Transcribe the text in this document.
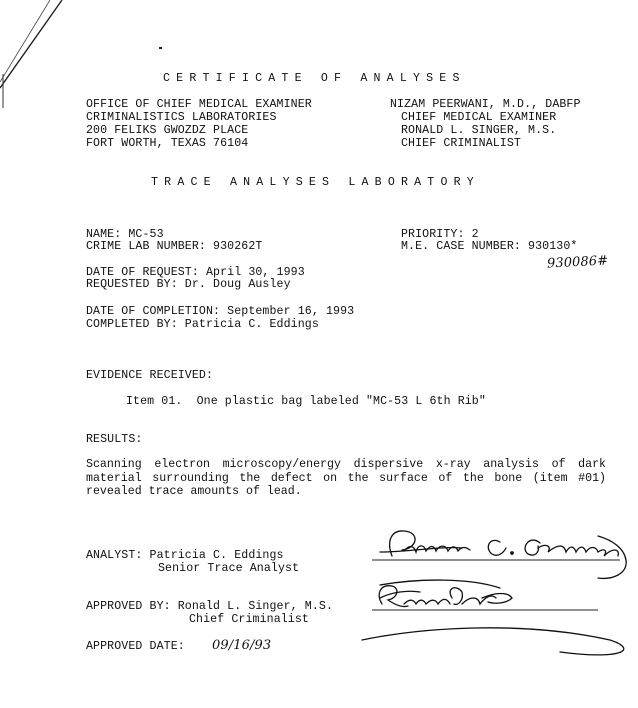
CERTIFICATE OF ANALYSES
OFFICE OF CHIEF MEDICAL EXAMINER
CRIMINALISTICS LABORATORIES
200 FELIKS GWOZDZ PLACE
FORT WORTH, TEXAS 76104
NIZAM PEERWANI, M.D., DABFP
CHIEF MEDICAL EXAMINER
RONALD L. SINGER, M.S.
CHIEF CRIMINALIST
TRACE ANALYSES LABORATORY
NAME: MC-53
CRIME LAB NUMBER: 930262T
PRIORITY: 2
M.E. CASE NUMBER: 930130*
930086#
DATE OF REQUEST: April 30, 1993
REQUESTED BY: Dr. Doug Ausley
DATE OF COMPLETION: September 16, 1993
COMPLETED BY: Patricia C. Eddings
EVIDENCE RECEIVED:
Item 01.  One plastic bag labeled "MC-53 L 6th Rib"
RESULTS:
Scanning electron microscopy/energy dispersive x-ray analysis of dark material surrounding the defect on the surface of the bone (item #01) revealed trace amounts of lead.
ANALYST: Patricia C. Eddings
Senior Trace Analyst
APPROVED BY: Ronald L. Singer, M.S.
Chief Criminalist
APPROVED DATE: 09/16/93
